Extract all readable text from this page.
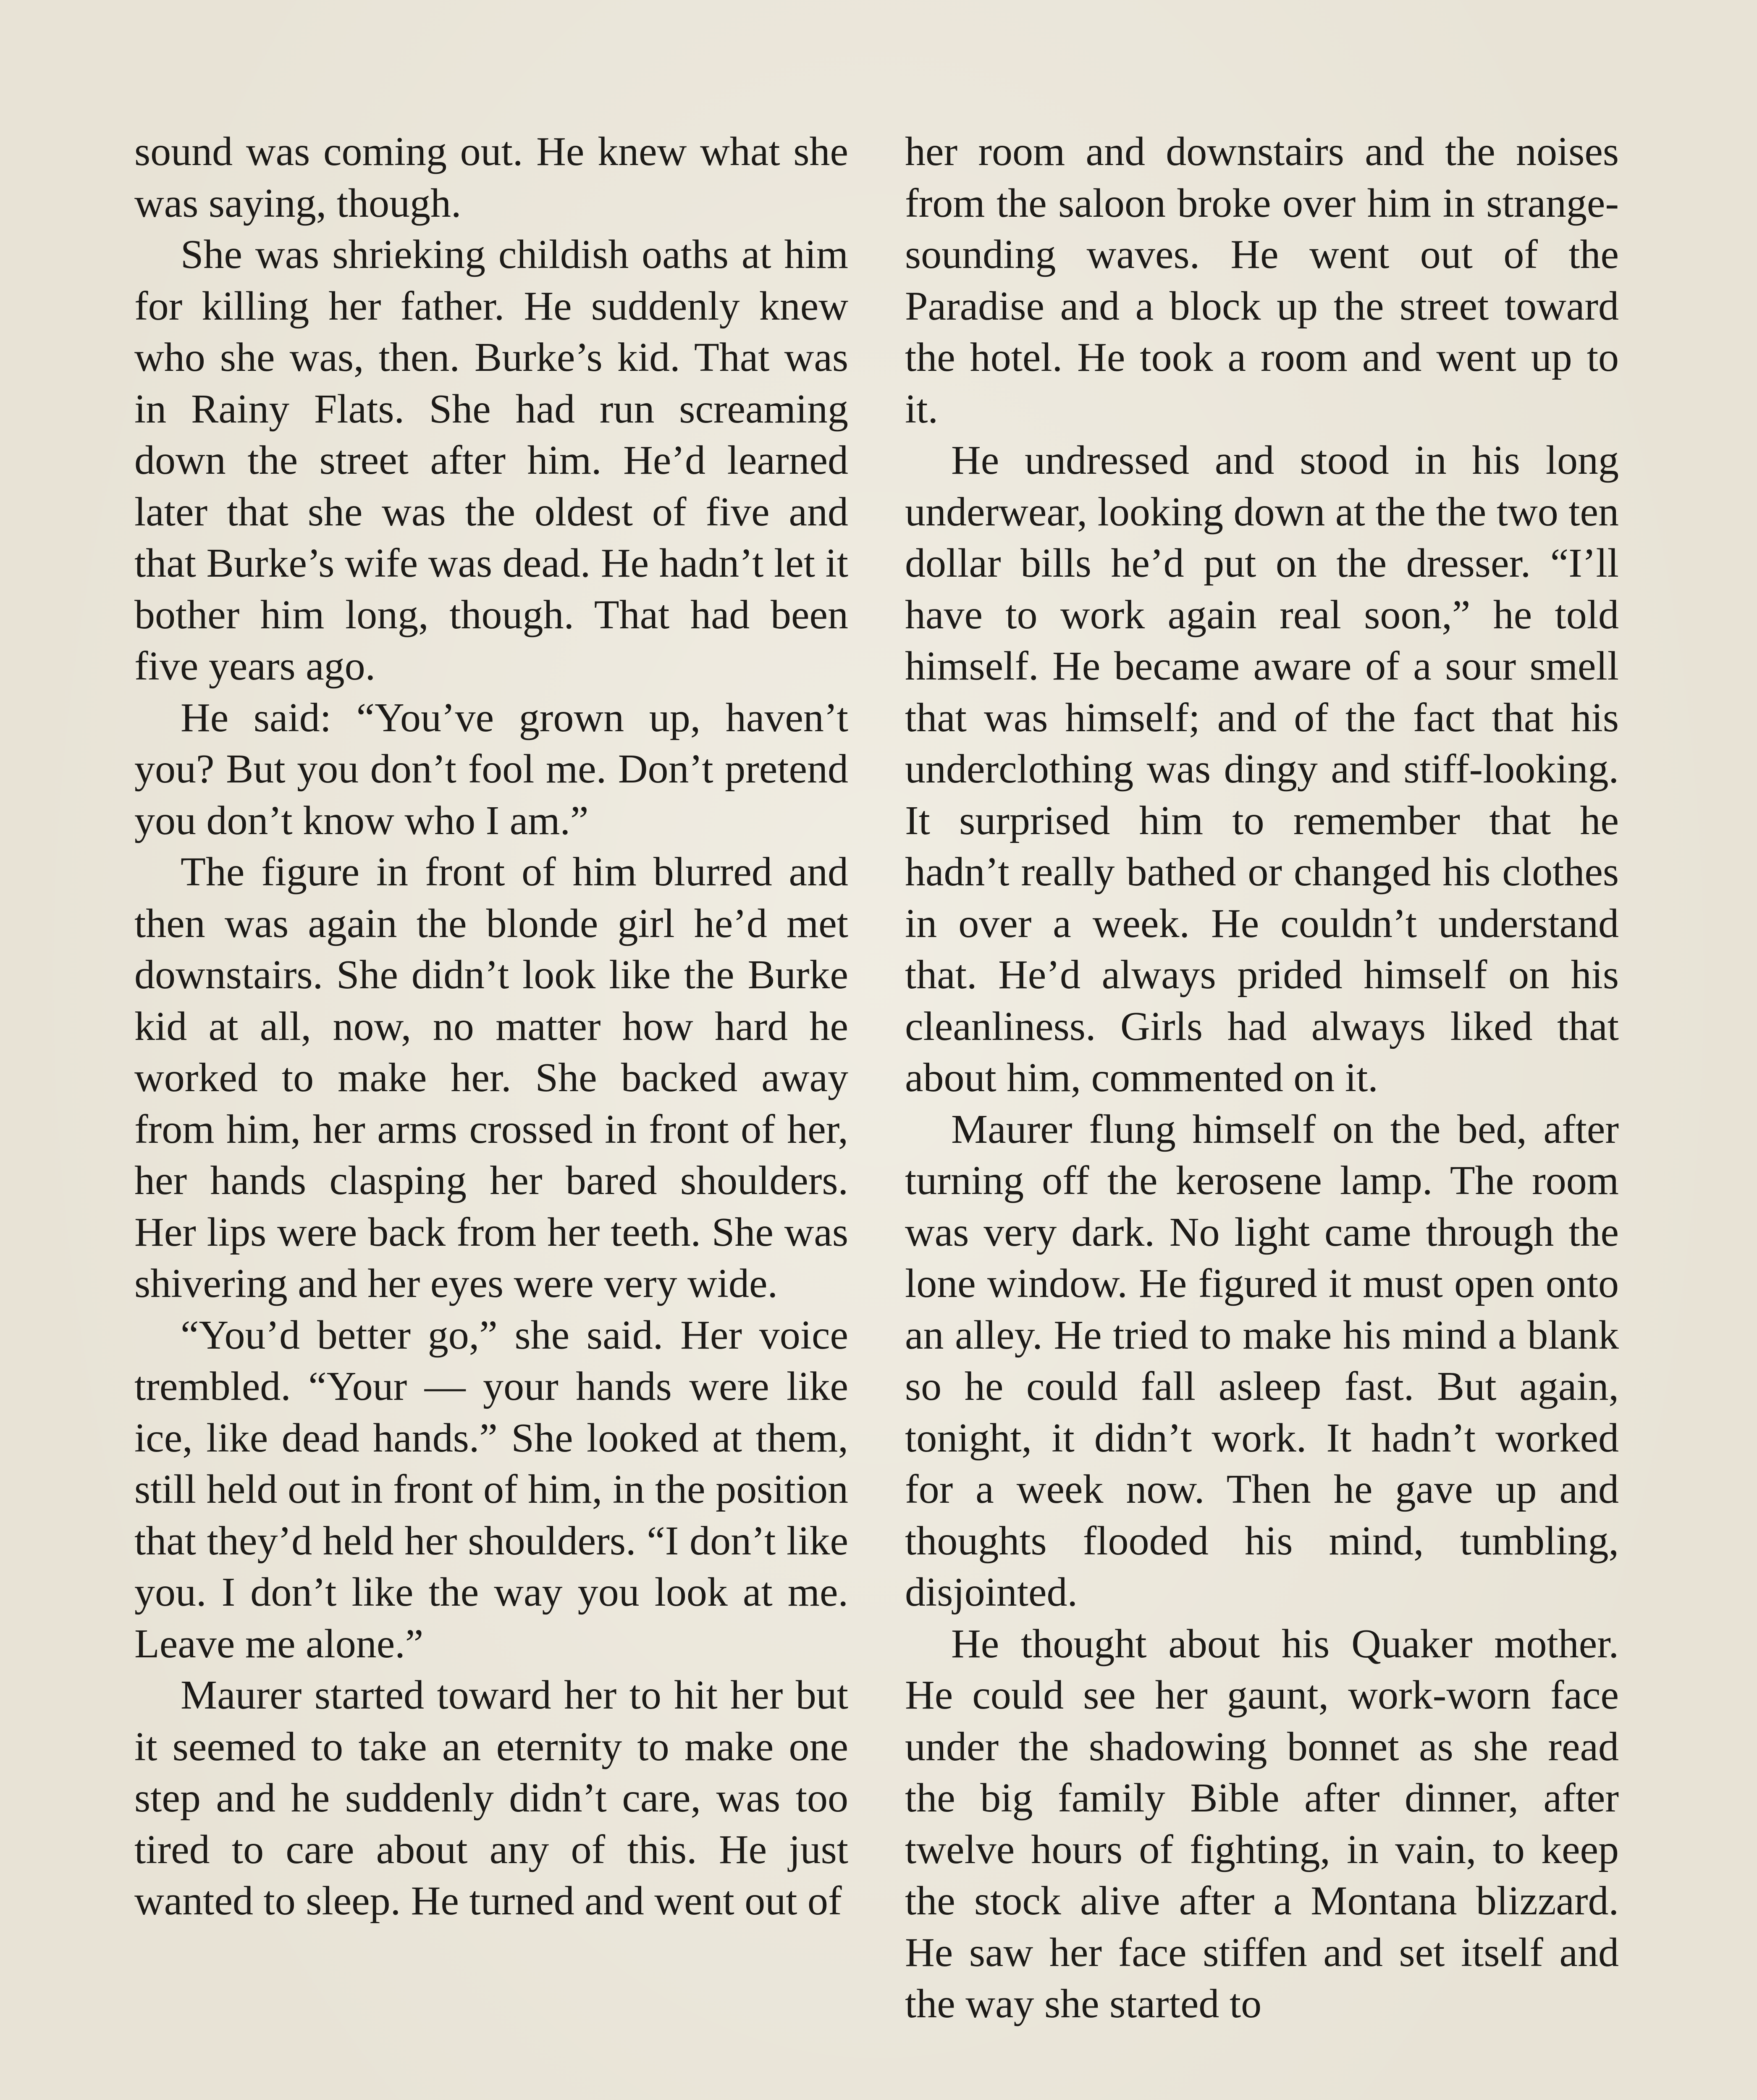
sound was coming out. He knew what she was saying, though.

She was shrieking childish oaths at him for killing her father. He suddenly knew who she was, then. Burke’s kid. That was in Rainy Flats. She had run screaming down the street after him. He’d learned later that she was the oldest of five and that Burke’s wife was dead. He hadn’t let it bother him long, though. That had been five years ago.

He said: “You’ve grown up, haven’t you? But you don’t fool me. Don’t pretend you don’t know who I am.”

The figure in front of him blurred and then was again the blonde girl he’d met downstairs. She didn’t look like the Burke kid at all, now, no matter how hard he worked to make her. She backed away from him, her arms crossed in front of her, her hands clasping her bared shoulders. Her lips were back from her teeth. She was shivering and her eyes were very wide.

“You’d better go,” she said. Her voice trembled. “Your — your hands were like ice, like dead hands.” She looked at them, still held out in front of him, in the position that they’d held her shoulders. “I don’t like you. I don’t like the way you look at me. Leave me alone.”

Maurer started toward her to hit her but it seemed to take an eternity to make one step and he suddenly didn’t care, was too tired to care about any of this. He just wanted to sleep. He turned and went out of

her room and downstairs and the noises from the saloon broke over him in strange-sounding waves. He went out of the Paradise and a block up the street toward the hotel. He took a room and went up to it.

He undressed and stood in his long underwear, looking down at the the two ten dollar bills he’d put on the dresser. “I’ll have to work again real soon,” he told himself. He became aware of a sour smell that was himself; and of the fact that his underclothing was dingy and stiff-looking. It surprised him to remember that he hadn’t really bathed or changed his clothes in over a week. He couldn’t understand that. He’d always prided himself on his cleanliness. Girls had always liked that about him, commented on it.

Maurer flung himself on the bed, after turning off the kerosene lamp. The room was very dark. No light came through the lone window. He figured it must open onto an alley. He tried to make his mind a blank so he could fall asleep fast. But again, tonight, it didn’t work. It hadn’t worked for a week now. Then he gave up and thoughts flooded his mind, tumbling, disjointed.

He thought about his Quaker mother. He could see her gaunt, work-worn face under the shadowing bonnet as she read the big family Bible after dinner, after twelve hours of fighting, in vain, to keep the stock alive after a Montana blizzard. He saw her face stiffen and set itself and the way she started to
